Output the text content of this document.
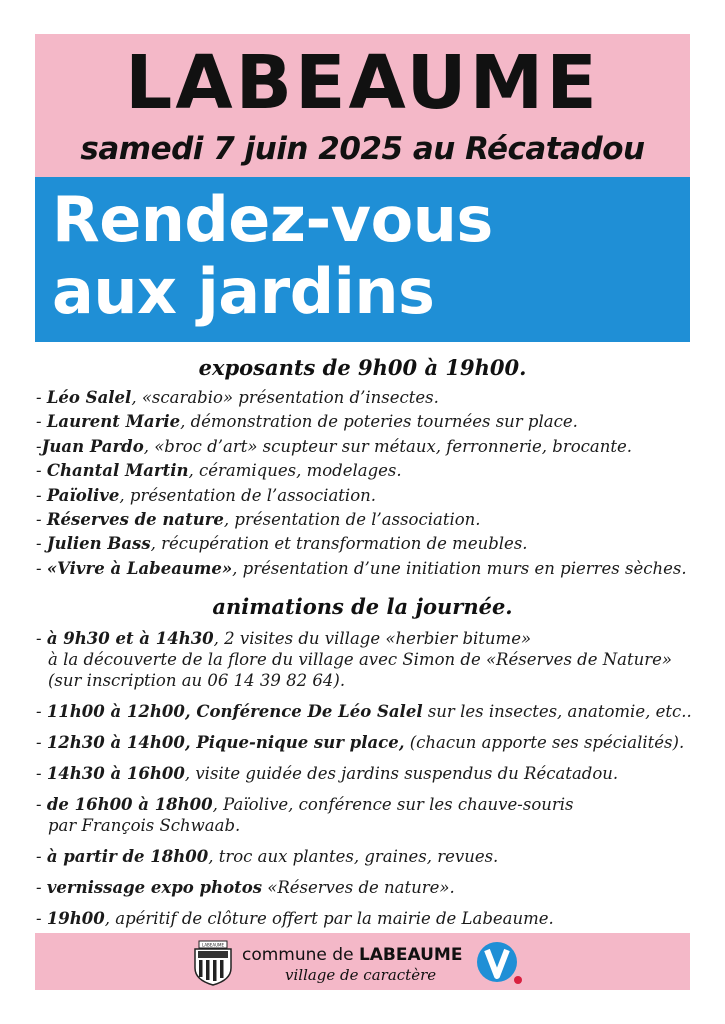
LABEAUME
samedi 7 juin 2025 au Récatadou
Rendez-vous
aux jardins
exposants de 9h00 à 19h00.
- Léo Salel, «scarabio» présentation d’insectes.
- Laurent Marie, démonstration de poteries tournées sur place.
-Juan Pardo, «broc d’art» scupteur sur métaux, ferronnerie, brocante.
- Chantal Martin, céramiques, modelages.
- Païolive, présentation de l’association.
- Réserves de nature, présentation de l’association.
- Julien Bass, récupération et transformation de meubles.
- «Vivre à Labeaume», présentation d’une initiation murs en pierres sèches.
animations de la journée.
- à 9h30 et à 14h30, 2 visites du village «herbier bitume»
à la découverte de la flore du village avec Simon de «Réserves de Nature»
(sur inscription au 06 14 39 82 64).
- 11h00 à 12h00, Conférence De Léo Salel sur les insectes, anatomie, etc..
- 12h30 à 14h00, Pique-nique sur place, (chacun apporte ses spécialités).
- 14h30 à 16h00, visite guidée des jardins suspendus du Récatadou.
- de 16h00 à 18h00, Païolive, conférence sur les chauve-souris
par François Schwaab.
- à partir de 18h00, troc aux plantes, graines, revues.
- vernissage expo photos «Réserves de nature».
- 19h00, apéritif de clôture offert par la mairie de Labeaume.
LABEAUME commune de LABEAUME
village de caractère
